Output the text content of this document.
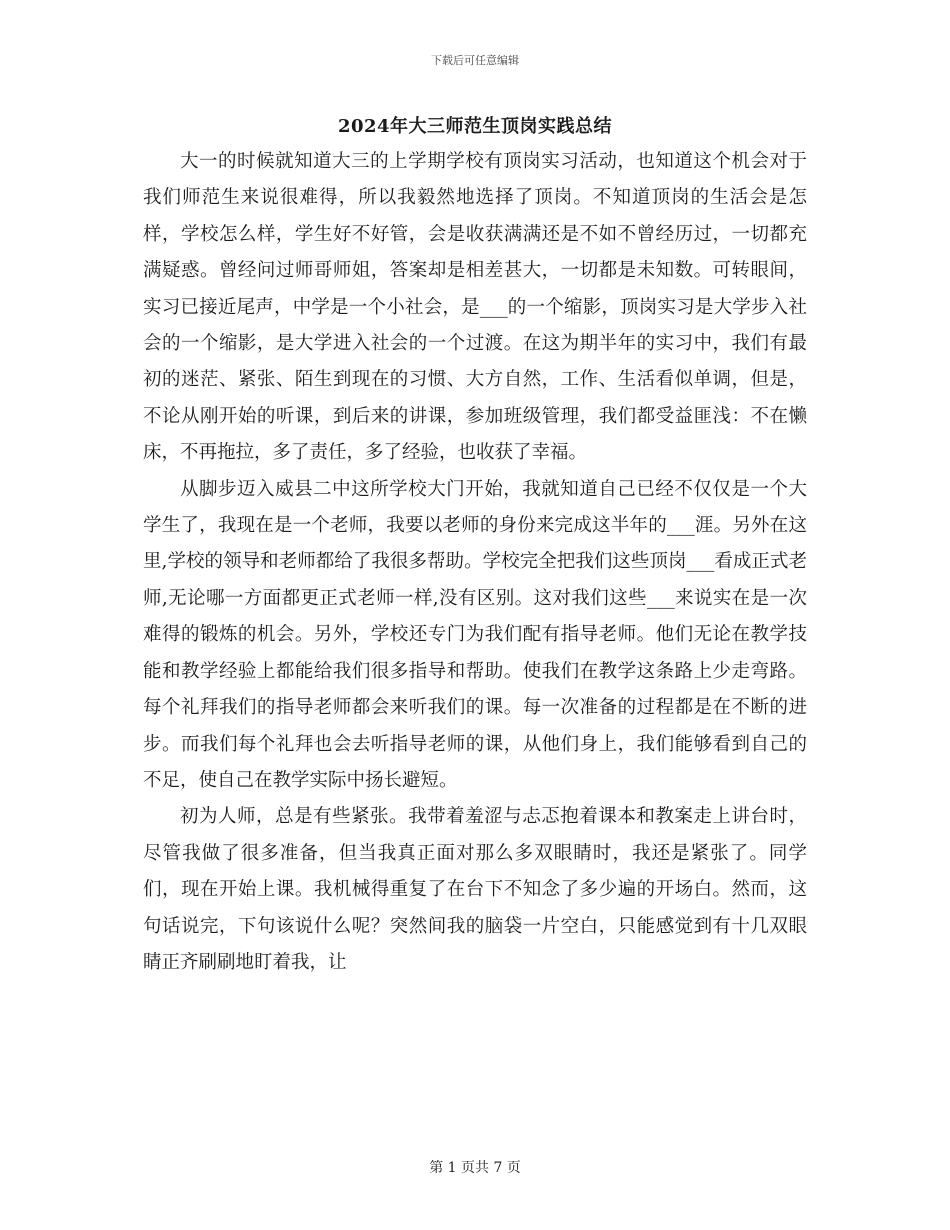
下载后可任意编辑
2024年大三师范生顶岗实践总结

大一的时候就知道大三的上学期学校有顶岗实习活动，也知道这个机会对于我们师范生来说很难得，所以我毅然地选择了顶岗。不知道顶岗的生活会是怎样，学校怎么样，学生好不好管，会是收获满满还是不如不曾经历过，一切都充满疑惑。曾经问过师哥师姐，答案却是相差甚大，一切都是未知数。可转眼间，实习已接近尾声，中学是一个小社会，是___的一个缩影，顶岗实习是大学步入社会的一个缩影，是大学进入社会的一个过渡。在这为期半年的实习中，我们有最初的迷茫、紧张、陌生到现在的习惯、大方自然，工作、生活看似单调，但是，不论从刚开始的听课，到后来的讲课，参加班级管理，我们都受益匪浅：不在懒床，不再拖拉，多了责任，多了经验，也收获了幸福。

从脚步迈入威县二中这所学校大门开始，我就知道自己已经不仅仅是一个大学生了，我现在是一个老师，我要以老师的身份来完成这半年的___涯。另外在这里,学校的领导和老师都给了我很多帮助。学校完全把我们这些顶岗___看成正式老师,无论哪一方面都更正式老师一样,没有区别。这对我们这些___来说实在是一次难得的锻炼的机会。另外，学校还专门为我们配有指导老师。他们无论在教学技能和教学经验上都能给我们很多指导和帮助。使我们在教学这条路上少走弯路。每个礼拜我们的指导老师都会来听我们的课。每一次准备的过程都是在不断的进步。而我们每个礼拜也会去听指导老师的课，从他们身上，我们能够看到自己的不足，使自己在教学实际中扬长避短。

初为人师，总是有些紧张。我带着羞涩与忐忑抱着课本和教案走上讲台时，尽管我做了很多准备，但当我真正面对那么多双眼睛时，我还是紧张了。同学们，现在开始上课。我机械得重复了在台下不知念了多少遍的开场白。然而，这句话说完，下句该说什么呢？突然间我的脑袋一片空白，只能感觉到有十几双眼睛正齐刷刷地盯着我，让

第 1 页共 7 页
